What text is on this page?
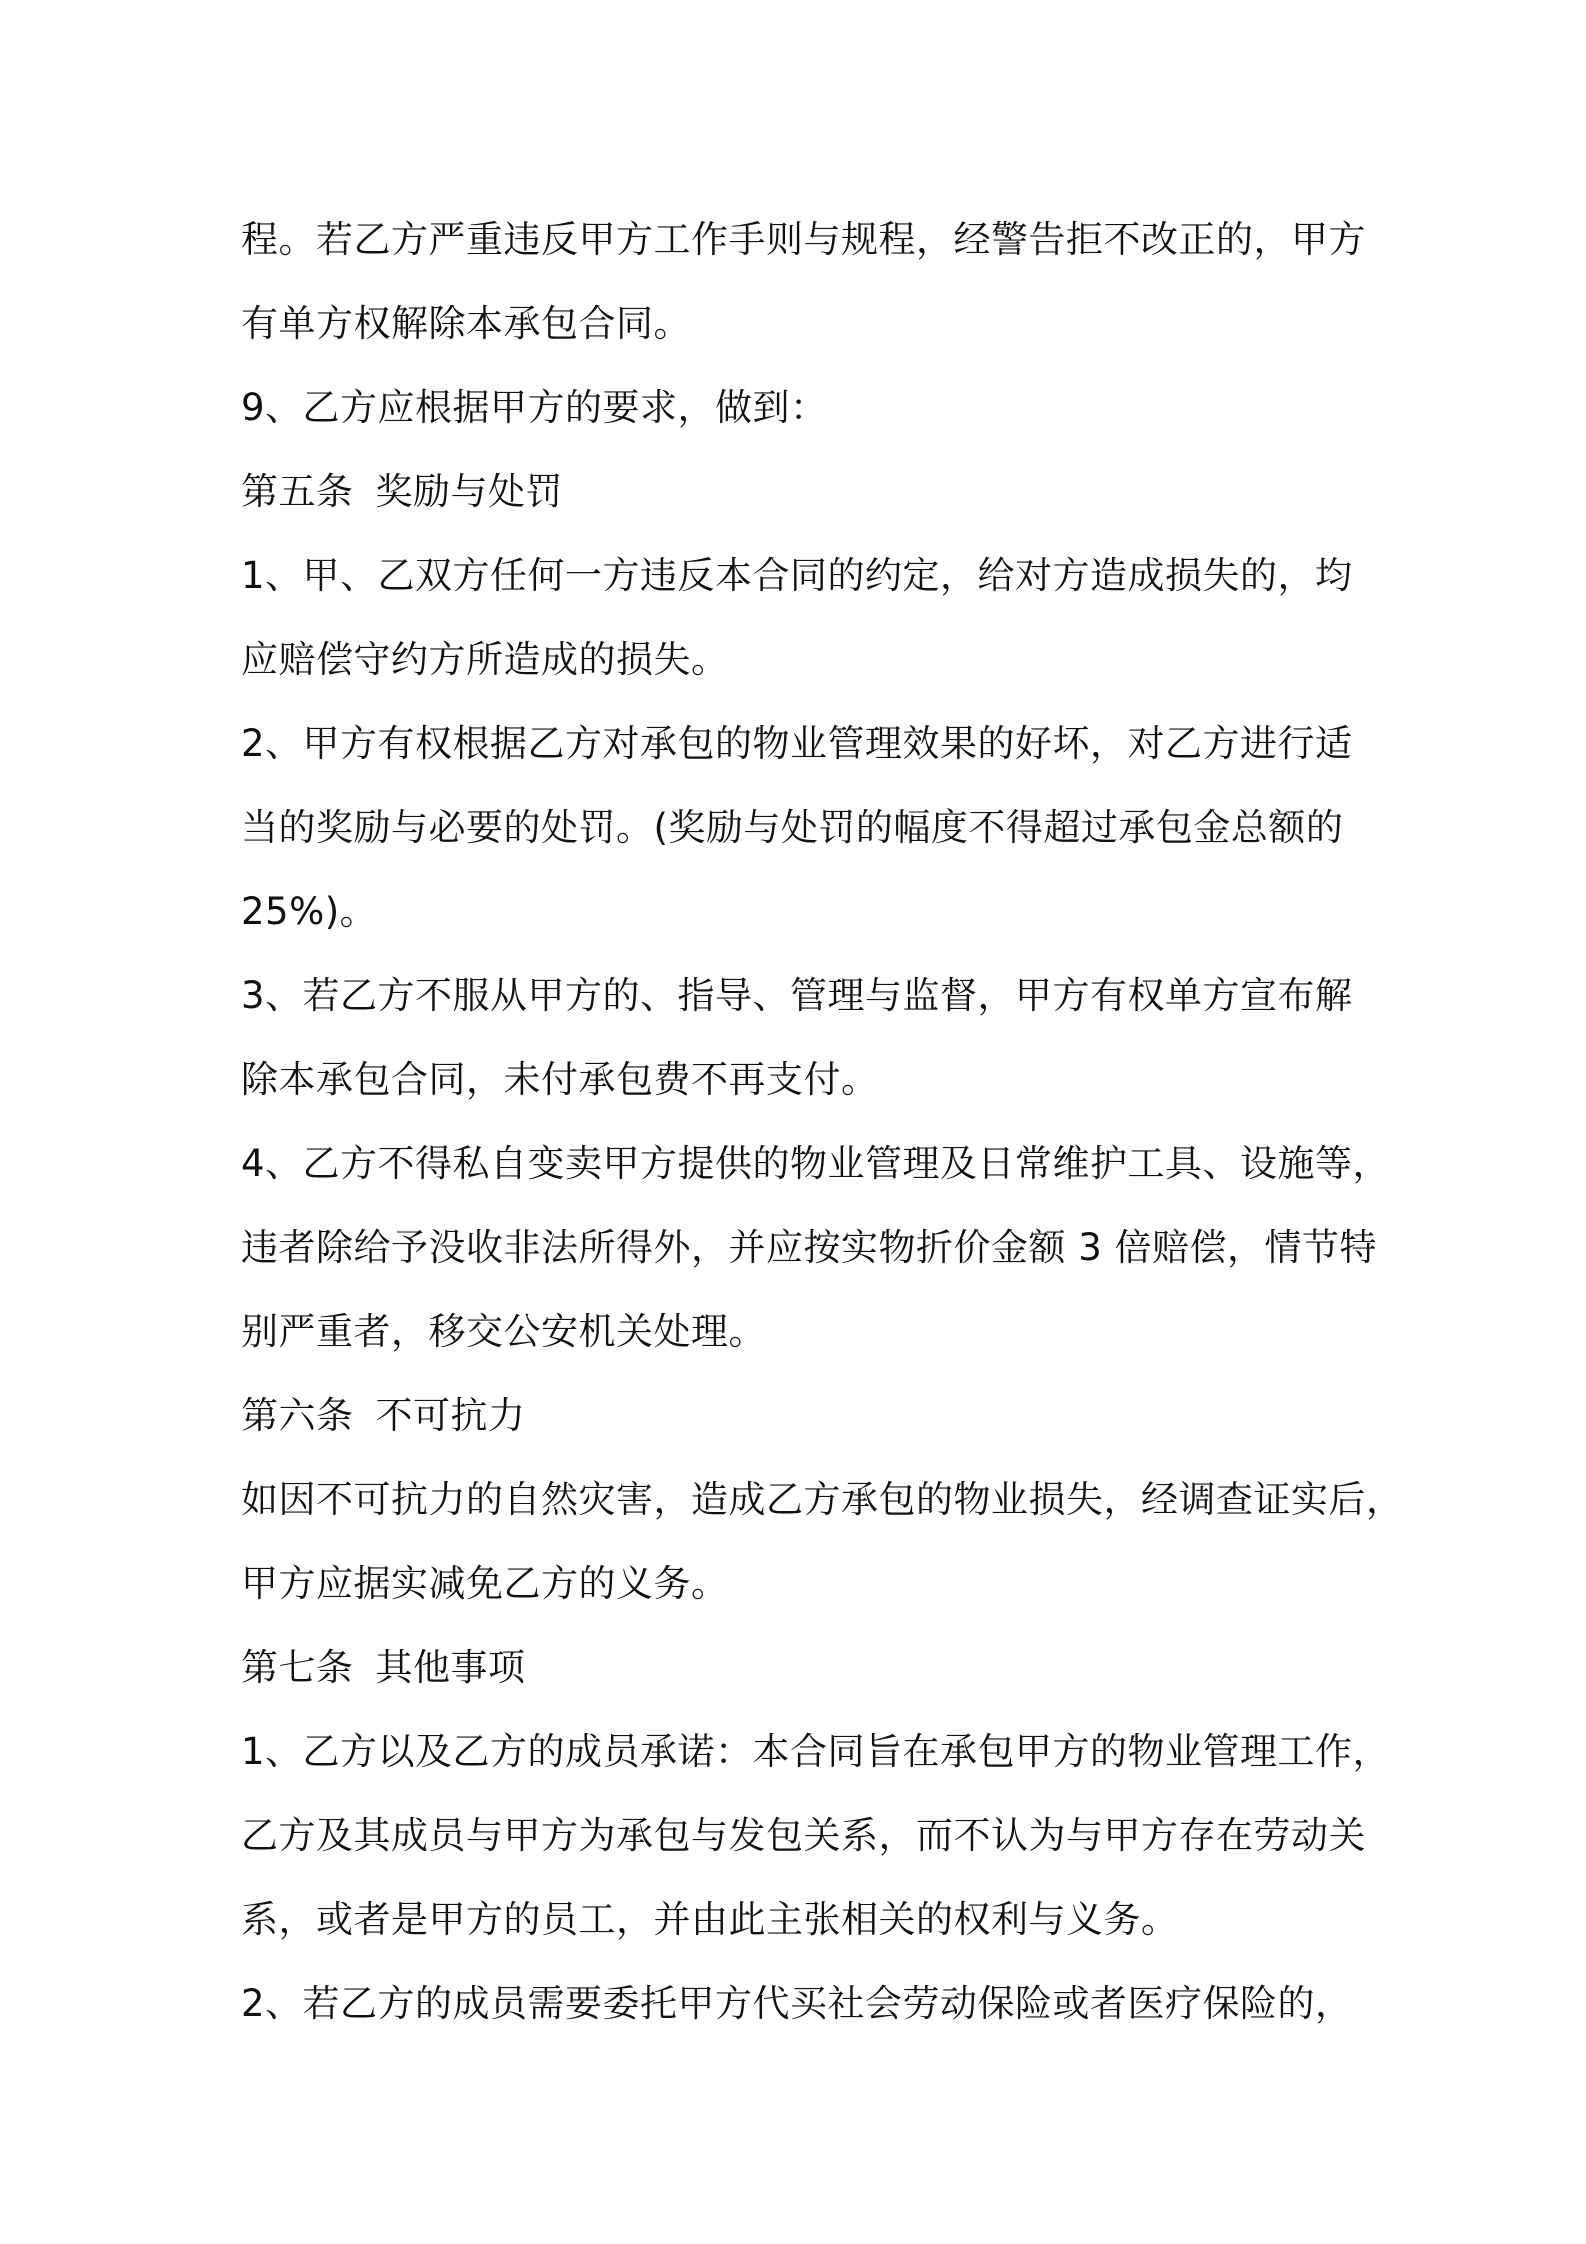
程。若乙方严重违反甲方工作手则与规程，经警告拒不改正的，甲方
有单方权解除本承包合同。
9、乙方应根据甲方的要求，做到：
第五条 奖励与处罚
1、甲、乙双方任何一方违反本合同的约定，给对方造成损失的，均
应赔偿守约方所造成的损失。
2、甲方有权根据乙方对承包的物业管理效果的好坏，对乙方进行适
当的奖励与必要的处罚。(奖励与处罚的幅度不得超过承包金总额的
25%)。
3、若乙方不服从甲方的、指导、管理与监督，甲方有权单方宣布解
除本承包合同，未付承包费不再支付。
4、乙方不得私自变卖甲方提供的物业管理及日常维护工具、设施等，
违者除给予没收非法所得外，并应按实物折价金额 3 倍赔偿，情节特
别严重者，移交公安机关处理。
第六条 不可抗力
如因不可抗力的自然灾害，造成乙方承包的物业损失，经调查证实后，
甲方应据实减免乙方的义务。
第七条 其他事项
1、乙方以及乙方的成员承诺：本合同旨在承包甲方的物业管理工作，
乙方及其成员与甲方为承包与发包关系，而不认为与甲方存在劳动关
系，或者是甲方的员工，并由此主张相关的权利与义务。
2、若乙方的成员需要委托甲方代买社会劳动保险或者医疗保险的，
